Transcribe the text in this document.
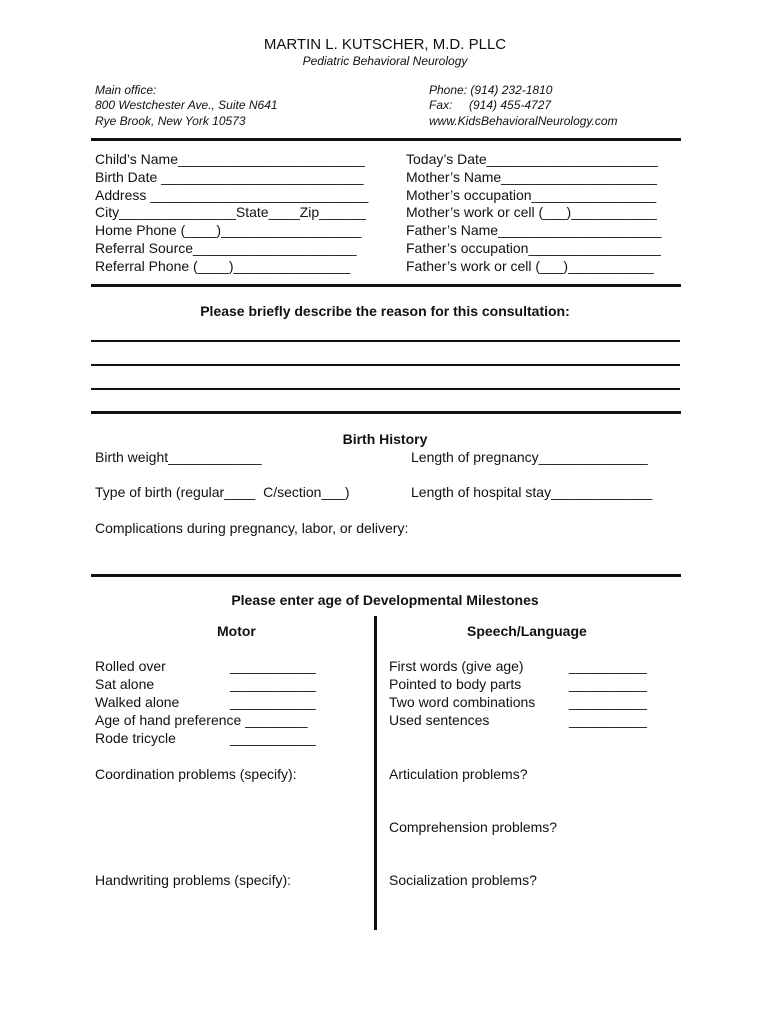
MARTIN L. KUTSCHER, M.D. PLLC
Pediatric Behavioral Neurology
Main office:
800 Westchester Ave., Suite N641
Rye Brook, New York 10573
Phone: (914) 232-1810
Fax:     (914) 455-4727
www.KidsBehavioralNeurology.com
Child’s Name________________________
Birth Date __________________________
Address ____________________________
City_______________State____Zip______
Home Phone (____)__________________
Referral Source_____________________
Referral Phone (____)_______________
Today’s Date______________________
Mother’s Name____________________
Mother’s occupation________________
Mother’s work or cell (___)___________
Father’s Name_____________________
Father’s occupation_________________
Father’s work or cell (___)___________
Please briefly describe the reason for this consultation:
Birth History
Birth weight____________	Length of pregnancy______________
Type of birth (regular____  C/section___)	Length of hospital stay_____________
Complications during pregnancy, labor, or delivery:
Please enter age of Developmental Milestones
Motor	Speech/Language
Rolled over	___________
Sat alone	___________
Walked alone	___________
Age of hand preference ________
Rode tricycle	___________
First words (give age)	__________
Pointed to body parts	__________
Two word combinations __________
Used sentences	__________
Coordination problems (specify):
Handwriting problems (specify):
Articulation problems?
Comprehension problems?
Socialization problems?
